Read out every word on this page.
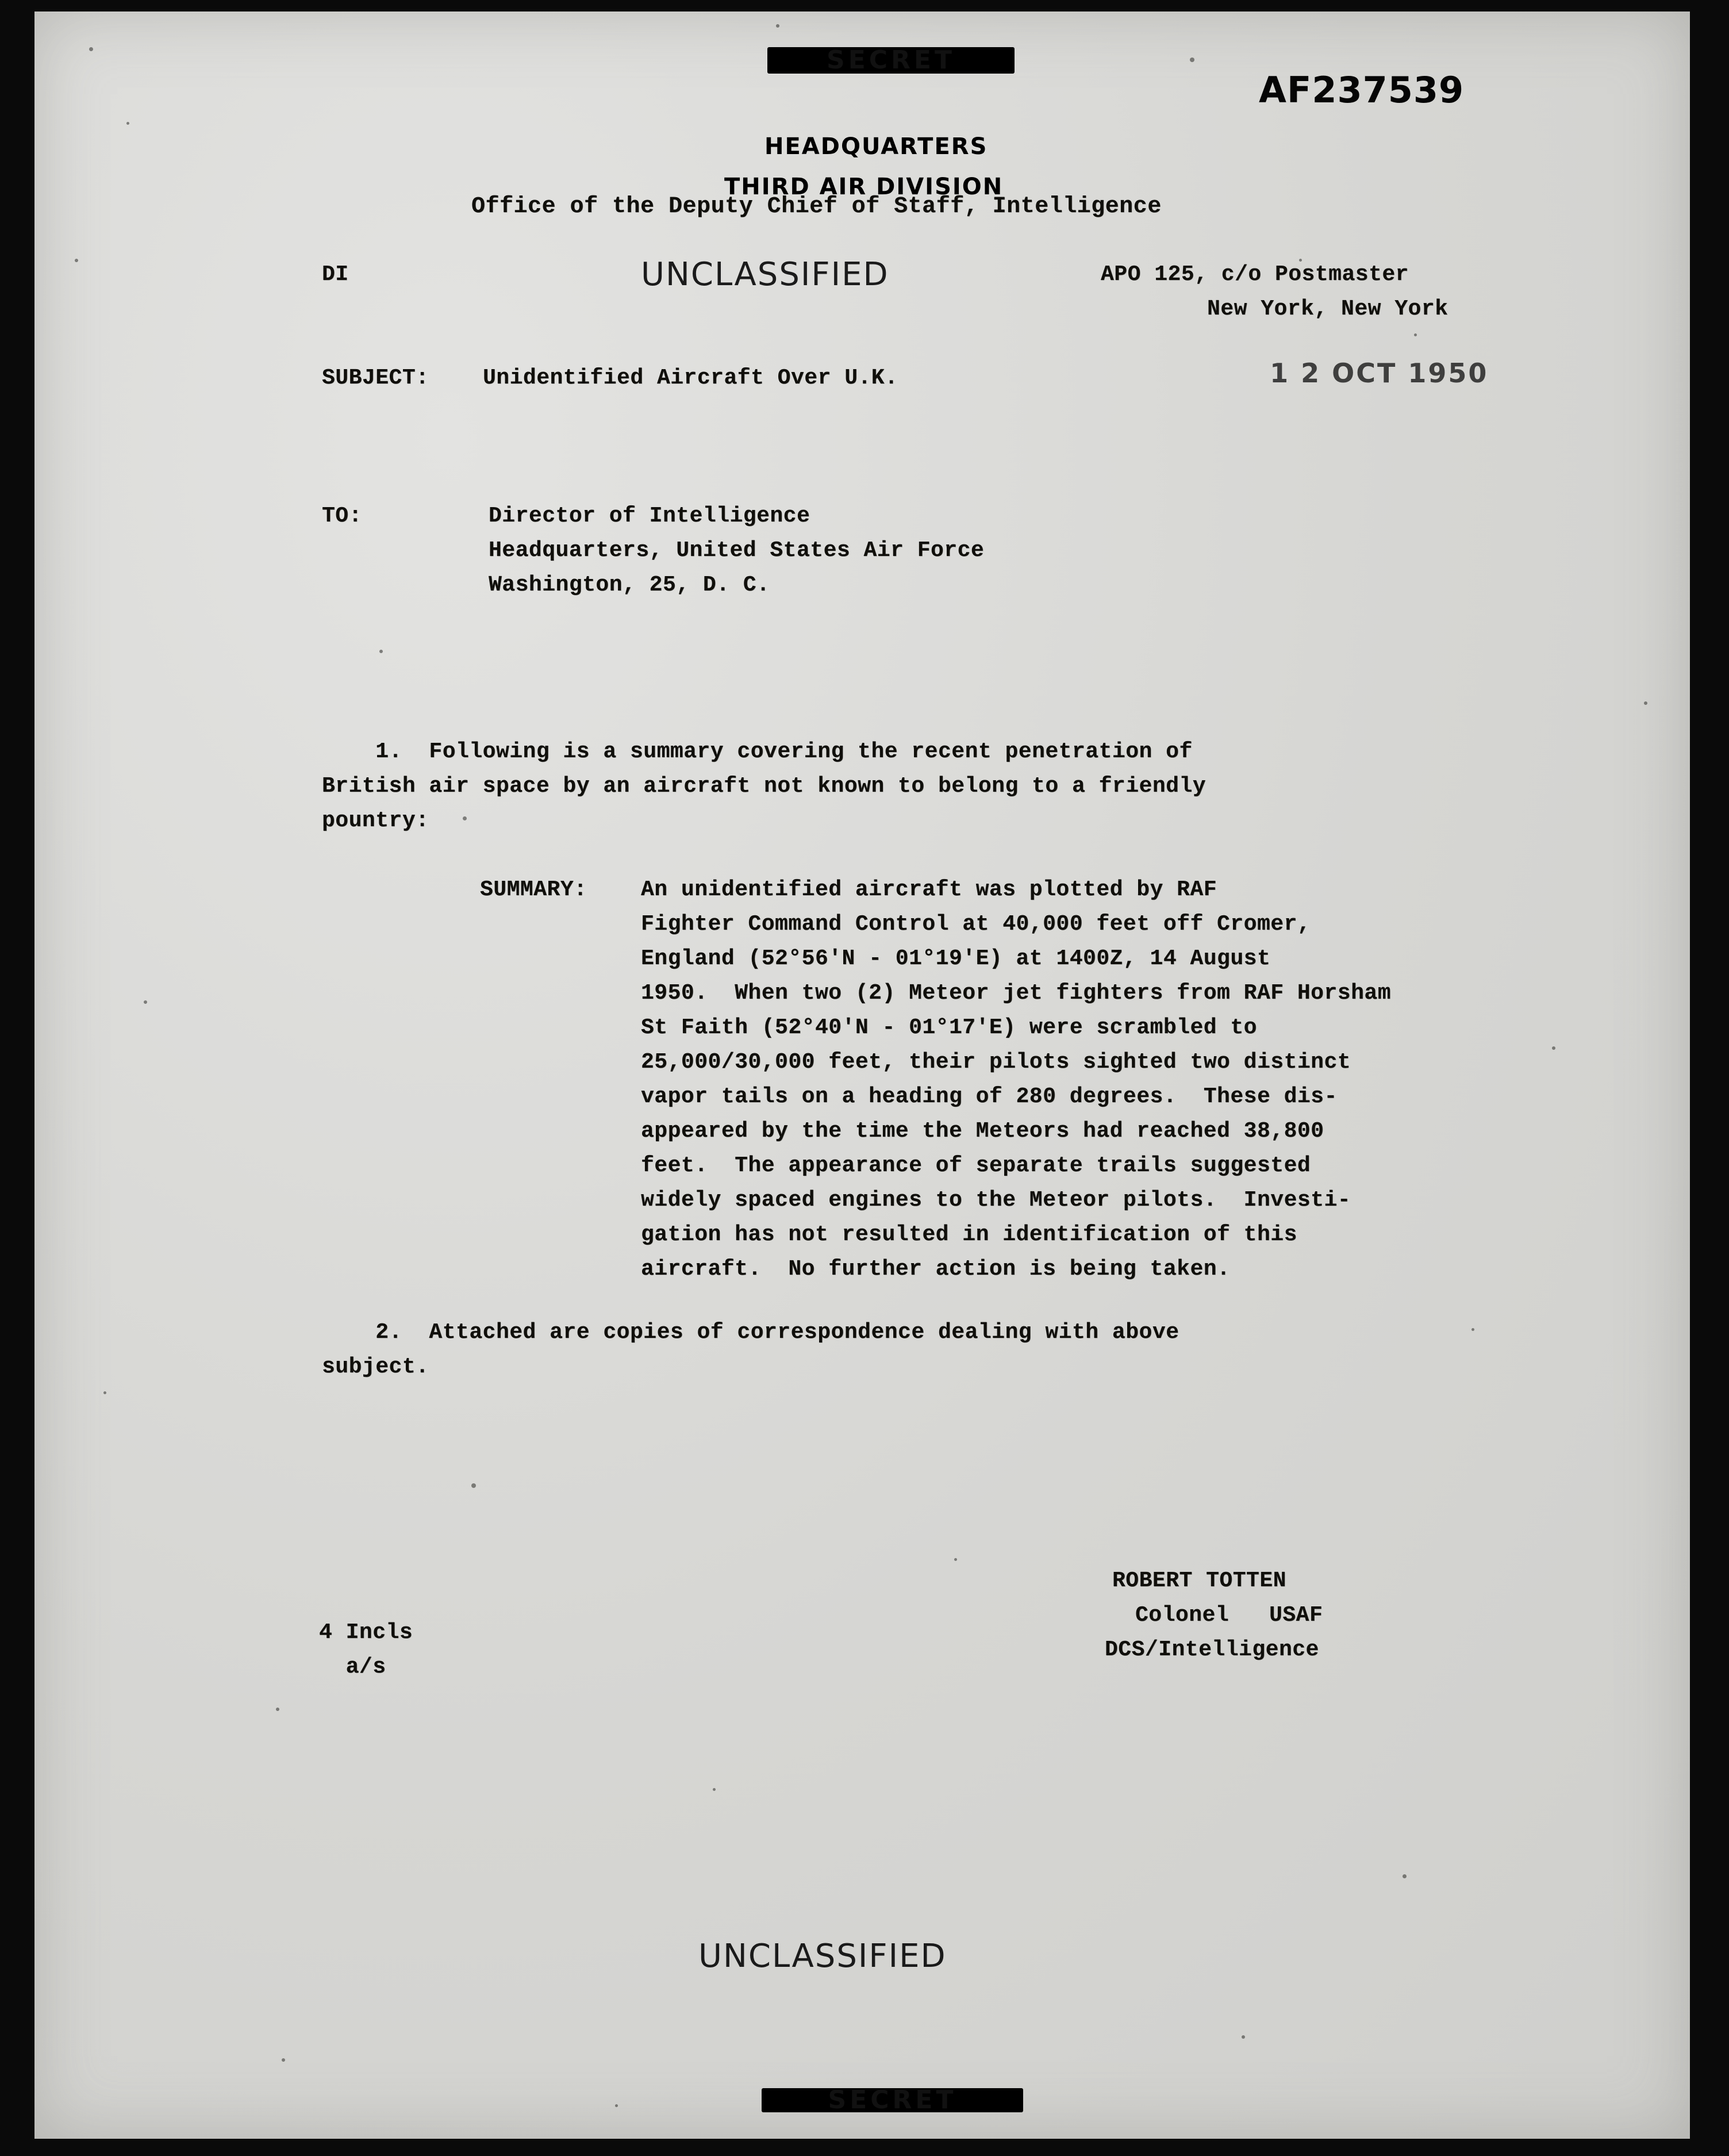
SECRET
AF237539
HEADQUARTERS
THIRD AIR DIVISION
Office of the Deputy Chief of Staff, Intelligence
DI	UNCLASSIFIED	APO 125, c/o Postmaster
New York, New York

1 2 OCT 1950

SUBJECT: Unidentified Aircraft Over U.K.
TO:	Director of Intelligence
Headquarters, United States Air Force
Washington, 25, D. C.
1.  Following is a summary covering the recent penetration of
British air space by an aircraft not known to belong to a friendly
pountry:
SUMMARY: An unidentified aircraft was plotted by RAF
Fighter Command Control at 40,000 feet off Cromer,
England (52°56'N - 01°19'E) at 1400Z, 14 August
1950.  When two (2) Meteor jet fighters from RAF Horsham
St Faith (52°40'N - 01°17'E) were scrambled to
25,000/30,000 feet, their pilots sighted two distinct
vapor tails on a heading of 280 degrees.  These dis-
appeared by the time the Meteors had reached 38,800
feet.  The appearance of separate trails suggested
widely spaced engines to the Meteor pilots.  Investi-
gation has not resulted in identification of this
aircraft.  No further action is being taken.
2.  Attached are copies of correspondence dealing with above
subject.
ROBERT TOTTEN
Colonel   USAF
DCS/Intelligence
4 Incls
a/s
UNCLASSIFIED
SECRET
